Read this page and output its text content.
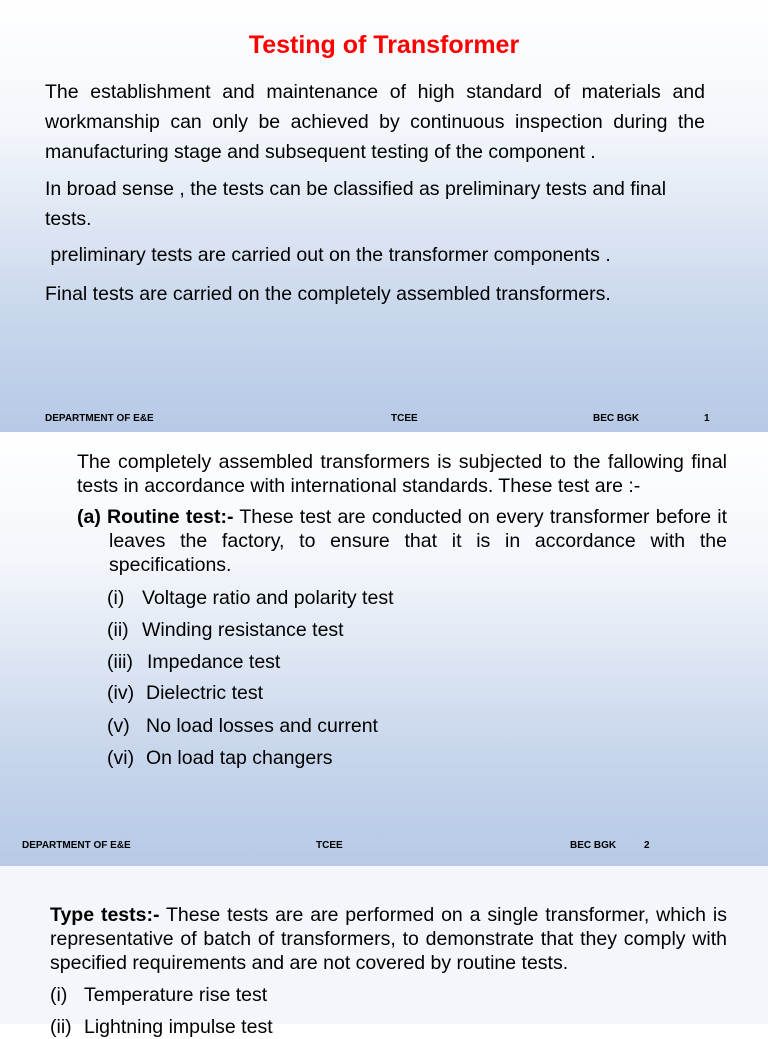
Testing of Transformer
The establishment and maintenance of high standard of materials and workmanship can only be achieved by continuous inspection during the manufacturing stage and subsequent testing of the component .
In broad sense , the tests can be classified as preliminary tests and final tests.
preliminary tests are carried out on the transformer components .
Final tests are carried on the completely assembled transformers.
DEPARTMENT OF E&E	TCEE	BEC BGK	1
The completely assembled transformers is subjected to the fallowing final tests in accordance with international standards. These test are :-
(a) Routine test:- These test are conducted on every transformer before it leaves the factory, to ensure that it is in accordance with the specifications.
(i) Voltage ratio and polarity test
(ii) Winding resistance test
(iii) Impedance test
(iv) Dielectric test
(v) No load losses and current
(vi) On load tap changers
DEPARTMENT OF E&E	TCEE	BEC BGK	2
Type tests:- These tests are are performed on a single transformer, which is representative of batch of transformers, to demonstrate that they comply with specified requirements and are not covered by routine tests.
(i) Temperature rise test
(ii) Lightning impulse test
